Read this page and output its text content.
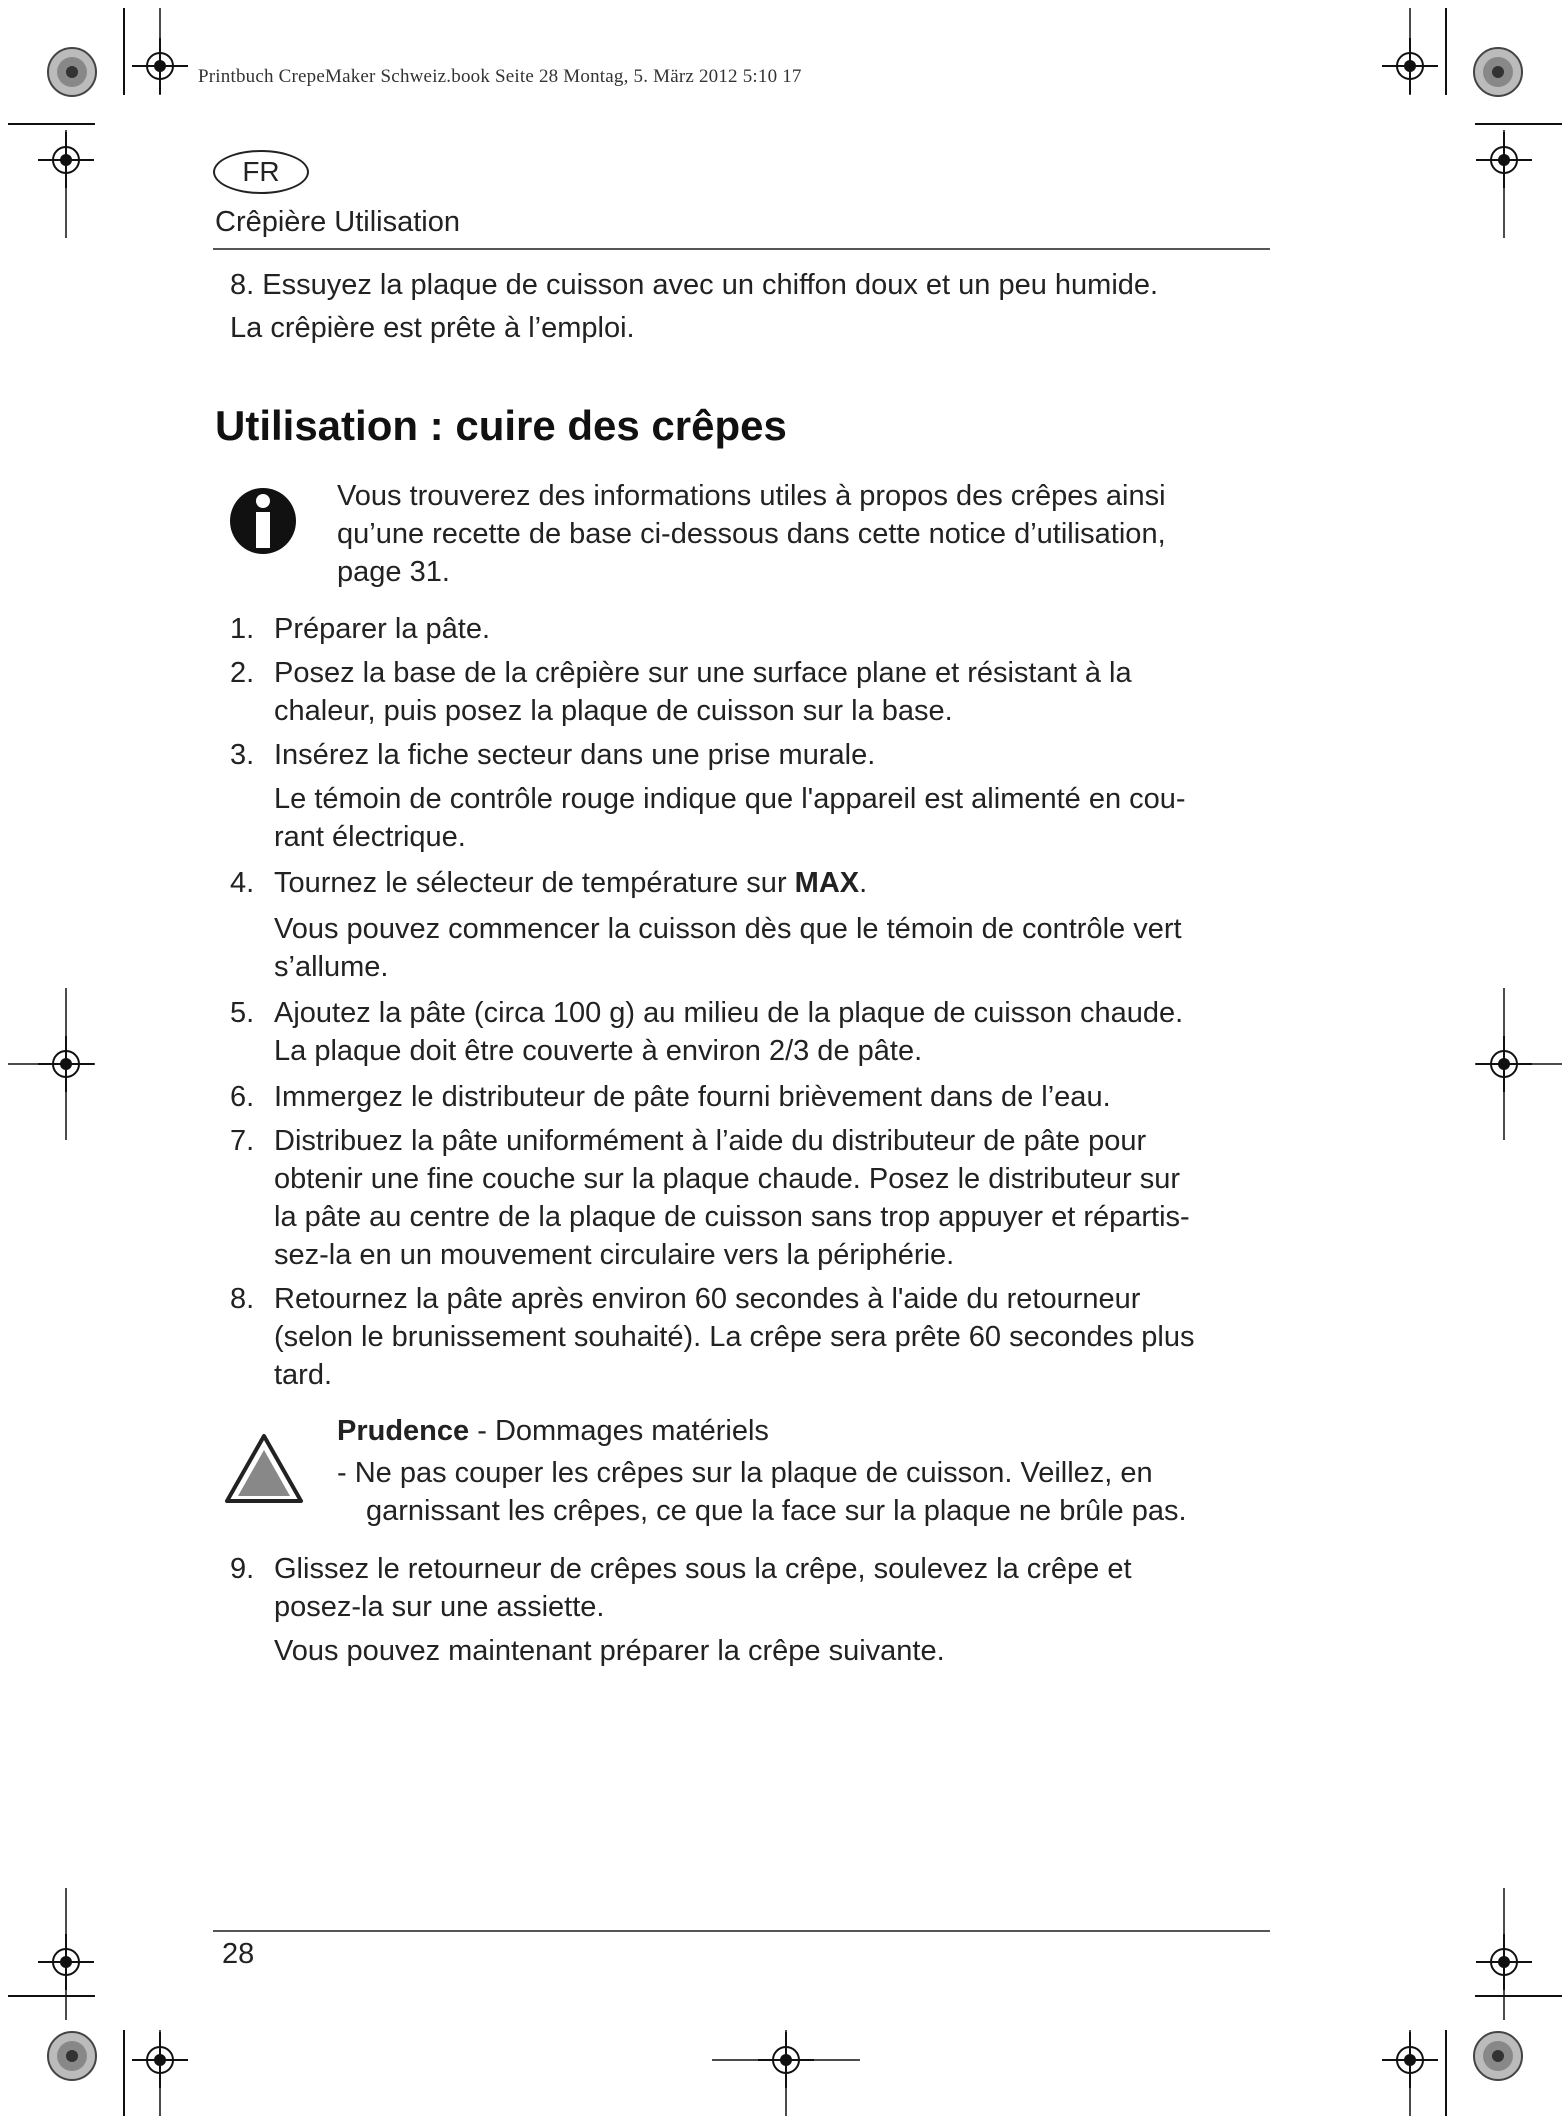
Printbuch CrepeMaker Schweiz.book Seite 28 Montag, 5. März 2012 5:10 17
FR
Crêpière Utilisation
8. Essuyez la plaque de cuisson avec un chiffon doux et un peu humide.
La crêpière est prête à l’emploi.
Utilisation : cuire des crêpes
Vous trouverez des informations utiles à propos des crêpes ainsi
qu’une recette de base ci-dessous dans cette notice d’utilisation,
page 31.
1. Préparer la pâte.
2. Posez la base de la crêpière sur une surface plane et résistant à la
chaleur, puis posez la plaque de cuisson sur la base.
3. Insérez la fiche secteur dans une prise murale.
Le témoin de contrôle rouge indique que l'appareil est alimenté en cou-
rant électrique.
4. Tournez le sélecteur de température sur MAX.
Vous pouvez commencer la cuisson dès que le témoin de contrôle vert
s’allume.
5. Ajoutez la pâte (circa 100 g) au milieu de la plaque de cuisson chaude.
La plaque doit être couverte à environ 2/3 de pâte.
6. Immergez le distributeur de pâte fourni brièvement dans de l’eau.
7. Distribuez la pâte uniformément à l’aide du distributeur de pâte pour
obtenir une fine couche sur la plaque chaude. Posez le distributeur sur
la pâte au centre de la plaque de cuisson sans trop appuyer et répartis-
sez-la en un mouvement circulaire vers la périphérie.
8. Retournez la pâte après environ 60 secondes à l'aide du retourneur
(selon le brunissement souhaité). La crêpe sera prête 60 secondes plus
tard.
Prudence - Dommages matériels
- Ne pas couper les crêpes sur la plaque de cuisson. Veillez, en
garnissant les crêpes, ce que la face sur la plaque ne brûle pas.
9. Glissez le retourneur de crêpes sous la crêpe, soulevez la crêpe et
posez-la sur une assiette.
Vous pouvez maintenant préparer la crêpe suivante.
28
